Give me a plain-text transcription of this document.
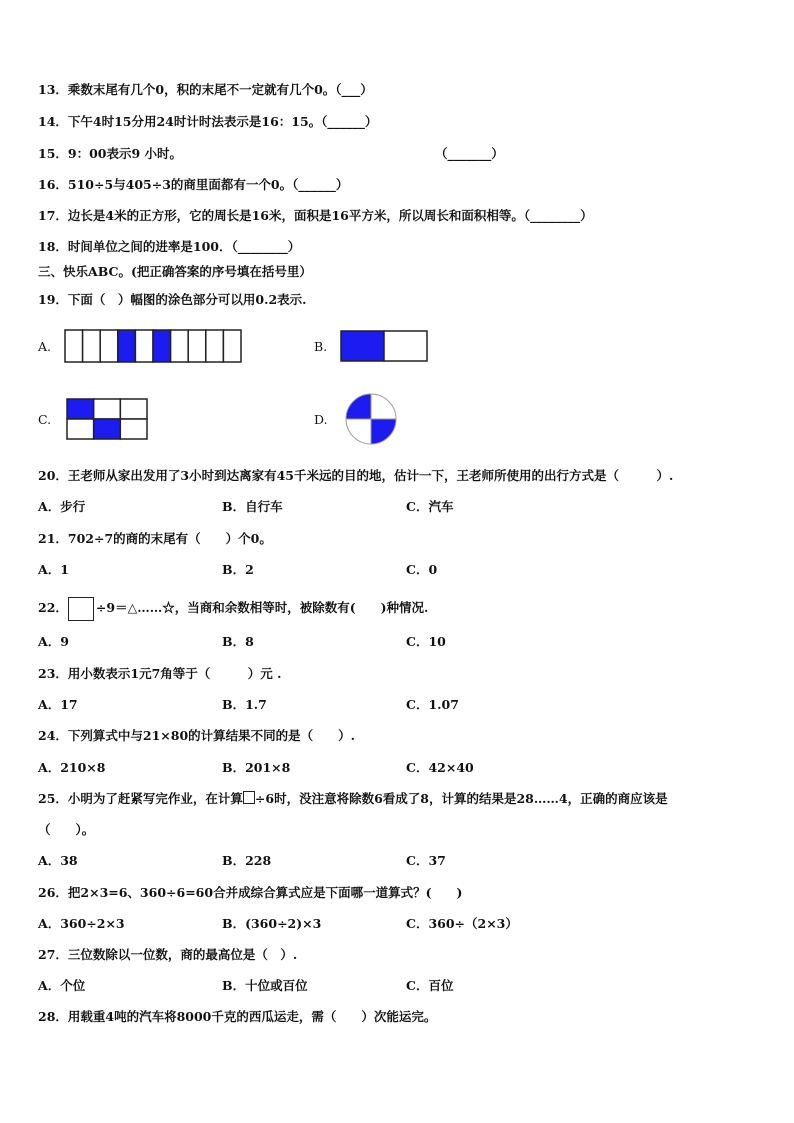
13．乘数末尾有几个0，积的末尾不一定就有几个0。（___）
14．下午4时15分用24时计时法表示是16：15。（______）
15．9：00表示9 小时。	（_______）
16．510÷5与405÷3的商里面都有一个0。（______）
17．边长是4米的正方形，它的周长是16米，面积是16平方米，所以周长和面积相等。（________）
18．时间单位之间的进率是100．（________）
三、快乐ABC。(把正确答案的序号填在括号里）
19．下面（　）幅图的涂色部分可以用0.2表示.
A.	B.
C.	D.
20．王老师从家出发用了3小时到达离家有45千米远的目的地，估计一下，王老师所使用的出行方式是（　　　）.
A．步行	B．自行车	C．汽车
21．702÷7的商的末尾有（　　）个0。
A．1	B．2	C．0
22． ÷9＝△……☆，当商和余数相等时，被除数有(　　)种情况.
A．9	B．8	C．10
23．用小数表示1元7角等于（　　　）元 .
A．17	B．1.7	C．1.07
24．下列算式中与21×80的计算结果不同的是（　　）.
A．210×8	B．201×8	C．42×40
25．小明为了赶紧写完作业，在计算 ÷6时，没注意将除数6看成了8，计算的结果是28……4，正确的商应该是
（　　）。
A．38	B．228	C．37
26．把2×3=6、360÷6=60合并成综合算式应是下面哪一道算式？(　　)
A．360÷2×3	B．(360÷2)×3	C．360÷（2×3）
27．三位数除以一位数，商的最高位是（　）.
A．个位	B．十位或百位	C．百位
28．用载重4吨的汽车将8000千克的西瓜运走，需（　　）次能运完。
